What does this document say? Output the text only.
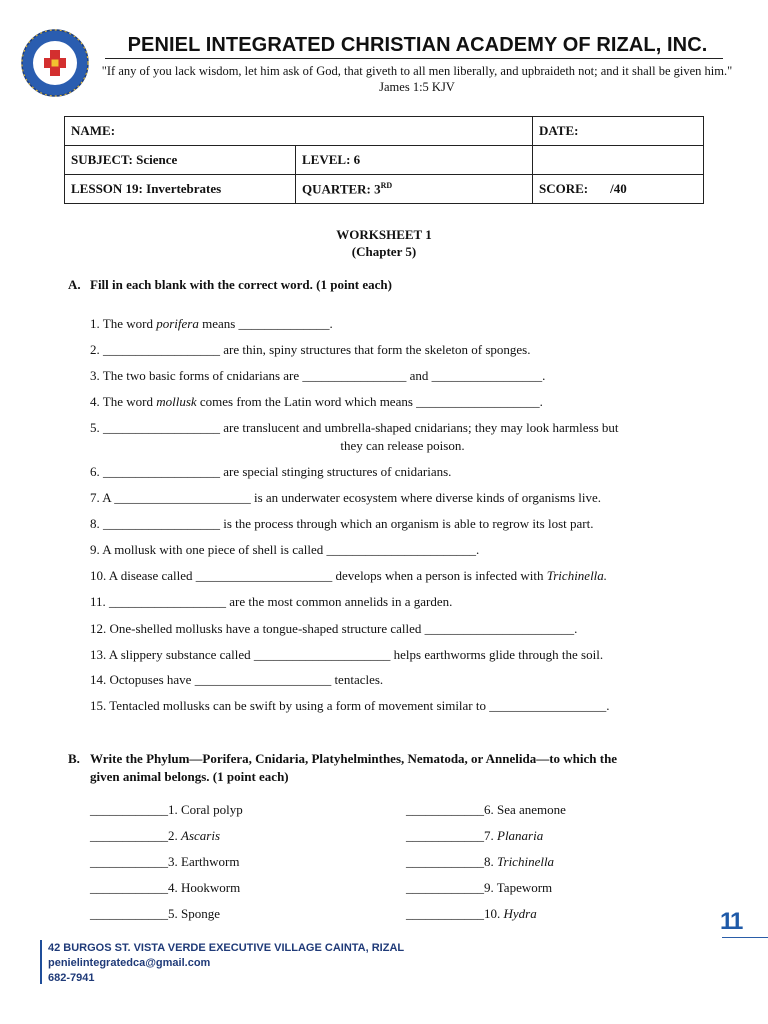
PENIEL INTEGRATED CHRISTIAN ACADEMY OF RIZAL, INC.
"If any of you lack wisdom, let him ask of God, that giveth to all men liberally, and upbraideth not; and it shall be given him." James 1:5 KJV
NAME:		DATE:
SUBJECT: Science	LEVEL: 6	
LESSON 19: Invertebrates	QUARTER: 3RD	SCORE: /40
WORKSHEET 1
(Chapter 5)
A. Fill in each blank with the correct word. (1 point each)
1. The word porifera means ______________.
2. __________________ are thin, spiny structures that form the skeleton of sponges.
3. The two basic forms of cnidarians are ________________ and _________________.
4. The word mollusk comes from the Latin word which means ___________________.
5. __________________ are translucent and umbrella-shaped cnidarians; they may look harmless but
they can release poison.
6. __________________ are special stinging structures of cnidarians.
7. A _____________________ is an underwater ecosystem where diverse kinds of organisms live.
8. __________________ is the process through which an organism is able to regrow its lost part.
9. A mollusk with one piece of shell is called _______________________.
10. A disease called _____________________ develops when a person is infected with Trichinella.
11. __________________ are the most common annelids in a garden.
12. One-shelled mollusks have a tongue-shaped structure called _______________________.
13. A slippery substance called _____________________ helps earthworms glide through the soil.
14. Octopuses have _____________________ tentacles.
15. Tentacled mollusks can be swift by using a form of movement similar to __________________.
B. Write the Phylum—Porifera, Cnidaria, Platyhelminthes, Nematoda, or Annelida—to which the
given animal belongs. (1 point each)
____________1. Coral polyp
____________2. Ascaris
____________3. Earthworm
____________4. Hookworm
____________5. Sponge
____________6. Sea anemone
____________7. Planaria
____________8. Trichinella
____________9. Tapeworm
____________10. Hydra	11
42 BURGOS ST. VISTA VERDE EXECUTIVE VILLAGE CAINTA, RIZAL
penielintegratedca@gmail.com
682-7941
